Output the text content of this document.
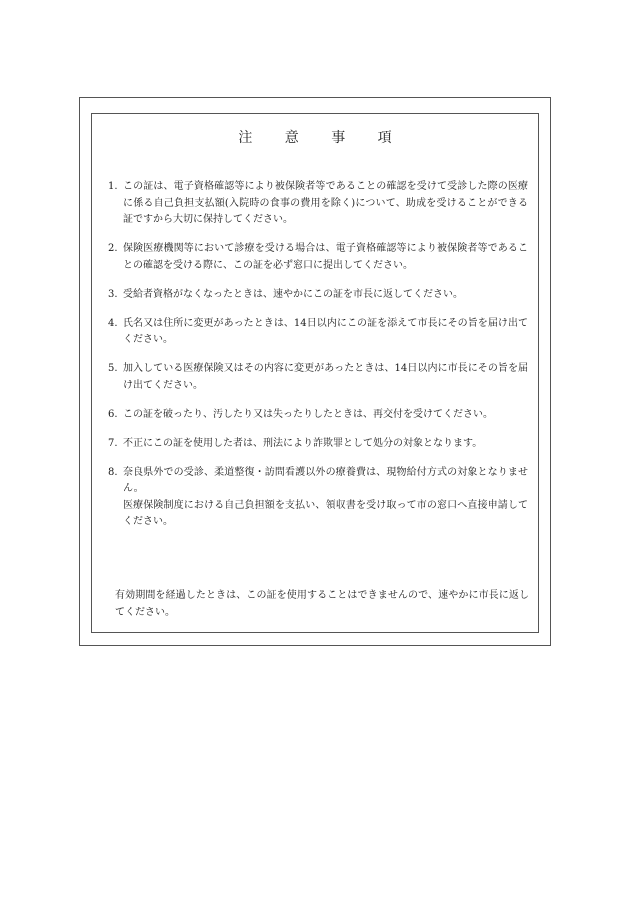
注 意 事 項
1. この証は、電子資格確認等により被保険者等であることの確認を受けて受診した際の医療に係る自己負担支払額(入院時の食事の費用を除く)について、助成を受けることができる証ですから大切に保持してください。
2. 保険医療機関等において診療を受ける場合は、電子資格確認等により被保険者等であることの確認を受ける際に、この証を必ず窓口に提出してください。
3. 受給者資格がなくなったときは、速やかにこの証を市長に返してください。
4. 氏名又は住所に変更があったときは、14日以内にこの証を添えて市長にその旨を届け出てください。
5. 加入している医療保険又はその内容に変更があったときは、14日以内に市長にその旨を届け出てください。
6. この証を破ったり、汚したり又は失ったりしたときは、再交付を受けてください。
7. 不正にこの証を使用した者は、刑法により詐欺罪として処分の対象となります。
8. 奈良県外での受診、柔道整復・訪問看護以外の療養費は、現物給付方式の対象となりません。
医療保険制度における自己負担額を支払い、領収書を受け取って市の窓口へ直接申請してください。
有効期間を経過したときは、この証を使用することはできませんので、速やかに市長に返してください。
